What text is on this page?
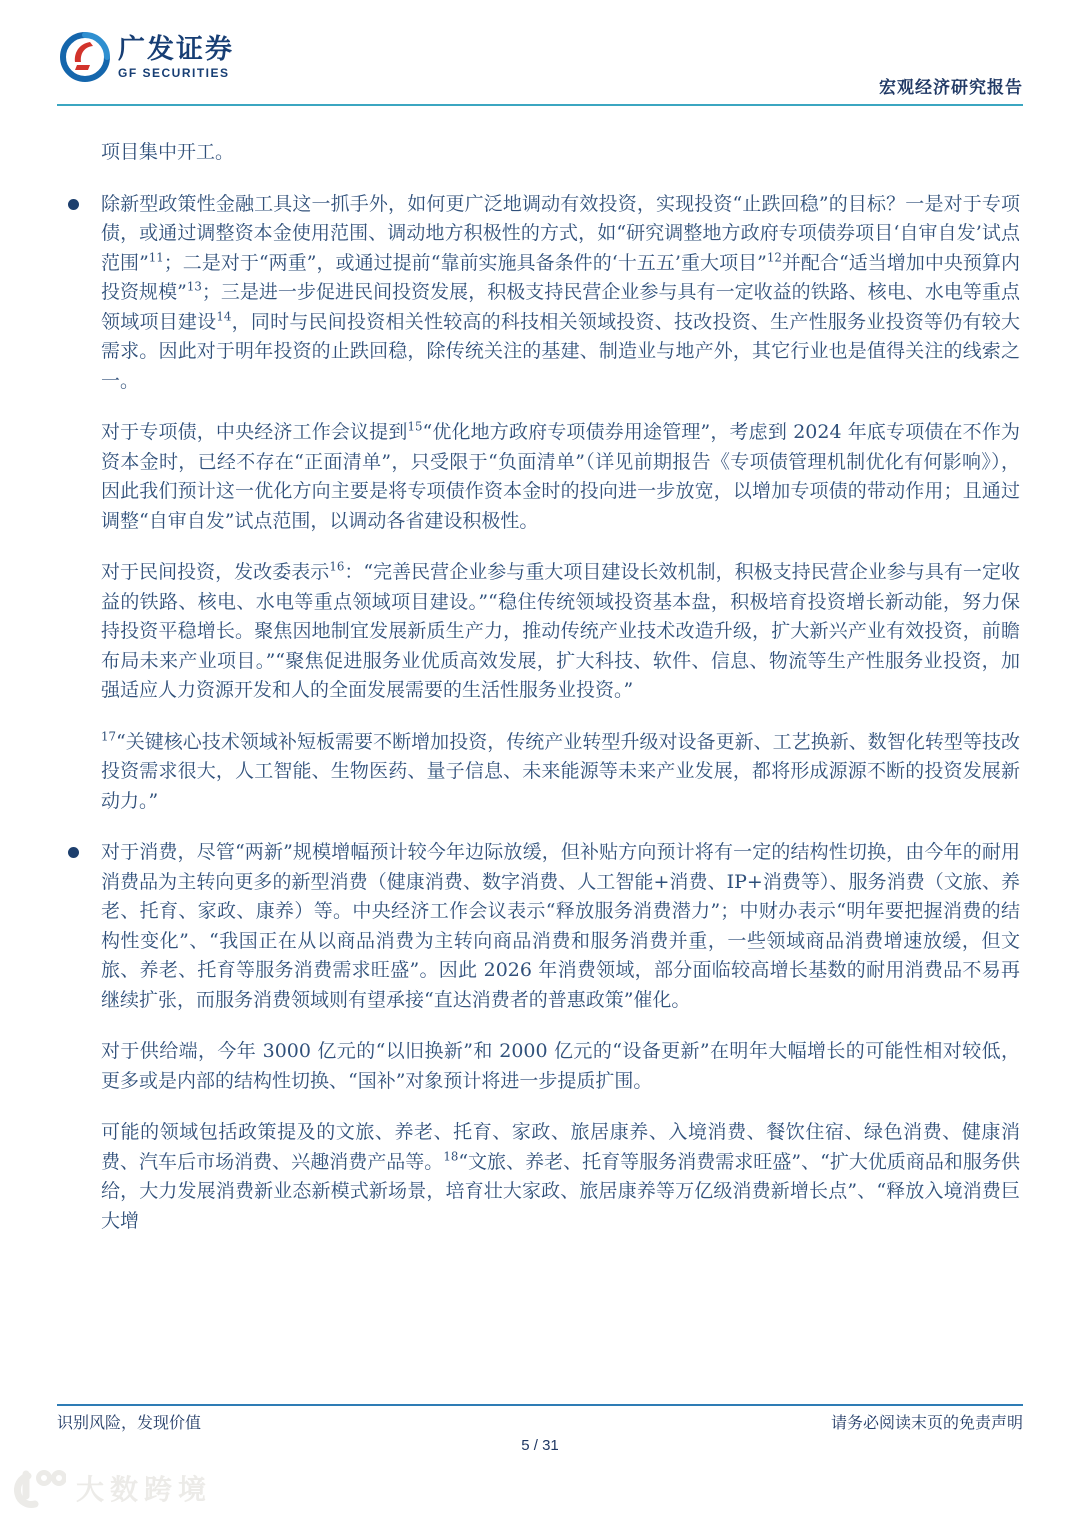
广发证券
GF SECURITIES
宏观经济研究报告

项目集中开工。

除新型政策性金融工具这一抓手外，如何更广泛地调动有效投资，实现投资“止跌回稳”的目标？一是对于专项债，或通过调整资本金使用范围、调动地方积极性的方式，如“研究调整地方政府专项债券项目‘自审自发’试点范围”$^{11}$；二是对于“两重”，或通过提前“靠前实施具备条件的‘十五五’重大项目”$^{12}$并配合“适当增加中央预算内投资规模”$^{13}$；三是进一步促进民间投资发展，积极支持民营企业参与具有一定收益的铁路、核电、水电等重点领域项目建设$^{14}$，同时与民间投资相关性较高的科技相关领域投资、技改投资、生产性服务业投资等仍有较大需求。因此对于明年投资的止跌回稳，除传统关注的基建、制造业与地产外，其它行业也是值得关注的线索之一。

对于专项债，中央经济工作会议提到$^{15}$“优化地方政府专项债券用途管理”，考虑到 2024 年底专项债在不作为资本金时，已经不存在“正面清单”，只受限于“负面清单”（详见前期报告《专项债管理机制优化有何影响》），因此我们预计这一优化方向主要是将专项债作资本金时的投向进一步放宽，以增加专项债的带动作用；且通过调整“自审自发”试点范围，以调动各省建设积极性。

对于民间投资，发改委表示$^{16}$：“完善民营企业参与重大项目建设长效机制，积极支持民营企业参与具有一定收益的铁路、核电、水电等重点领域项目建设。”“稳住传统领域投资基本盘，积极培育投资增长新动能，努力保持投资平稳增长。聚焦因地制宜发展新质生产力，推动传统产业技术改造升级，扩大新兴产业有效投资，前瞻布局未来产业项目。”“聚焦促进服务业优质高效发展，扩大科技、软件、信息、物流等生产性服务业投资，加强适应人力资源开发和人的全面发展需要的生活性服务业投资。”

$^{17}$“关键核心技术领域补短板需要不断增加投资，传统产业转型升级对设备更新、工艺换新、数智化转型等技改投资需求很大，人工智能、生物医药、量子信息、未来能源等未来产业发展，都将形成源源不断的投资发展新动力。”

对于消费，尽管“两新”规模增幅预计较今年边际放缓，但补贴方向预计将有一定的结构性切换，由今年的耐用消费品为主转向更多的新型消费（健康消费、数字消费、人工智能+消费、IP+消费等）、服务消费（文旅、养老、托育、家政、康养）等。中央经济工作会议表示“释放服务消费潜力”；中财办表示“明年要把握消费的结构性变化”、“我国正在从以商品消费为主转向商品消费和服务消费并重，一些领域商品消费增速放缓，但文旅、养老、托育等服务消费需求旺盛”。因此 2026 年消费领域，部分面临较高增长基数的耐用消费品不易再继续扩张，而服务消费领域则有望承接“直达消费者的普惠政策”催化。

对于供给端，今年 3000 亿元的“以旧换新”和 2000 亿元的“设备更新”在明年大幅增长的可能性相对较低，更多或是内部的结构性切换、“国补”对象预计将进一步提质扩围。

可能的领域包括政策提及的文旅、养老、托育、家政、旅居康养、入境消费、餐饮住宿、绿色消费、健康消费、汽车后市场消费、兴趣消费产品等。$^{18}$“文旅、养老、托育等服务消费需求旺盛”、“扩大优质商品和服务供给，大力发展消费新业态新模式新场景，培育壮大家政、旅居康养等万亿级消费新增长点”、“释放入境消费巨大增

识别风险，发现价值	请务必阅读末页的免责声明
5 / 31
大数跨境
